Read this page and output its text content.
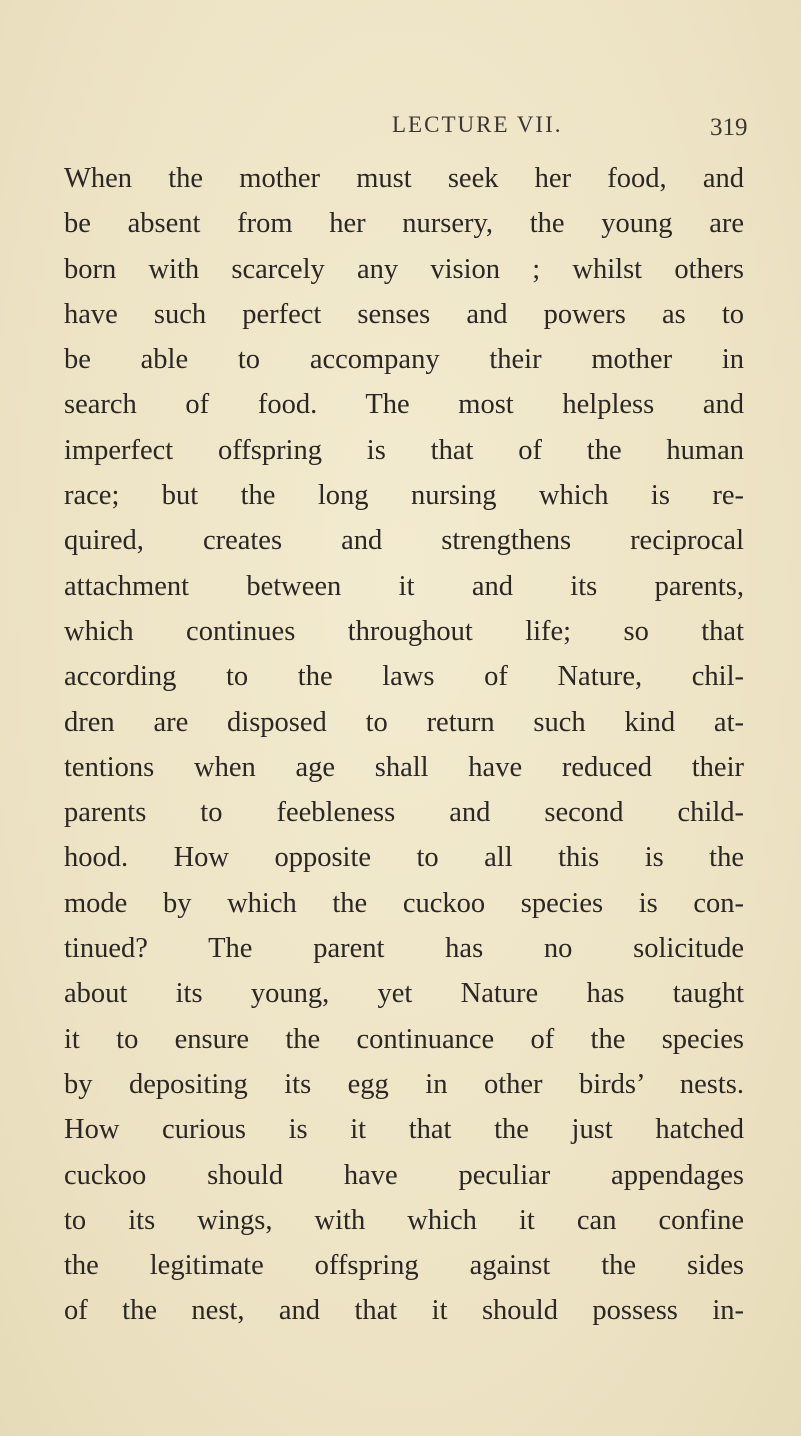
LECTURE VII.	319
When the mother must seek her food, and
be absent from her nursery, the young are
born with scarcely any vision ; whilst others
have such perfect senses and powers as to
be able to accompany their mother in
search of food. The most helpless and
imperfect offspring is that of the human
race; but the long nursing which is re-
quired, creates and strengthens reciprocal
attachment between it and its parents,
which continues throughout life; so that
according to the laws of Nature, chil-
dren are disposed to return such kind at-
tentions when age shall have reduced their
parents to feebleness and second child-
hood. How opposite to all this is the
mode by which the cuckoo species is con-
tinued? The parent has no solicitude
about its young, yet Nature has taught
it to ensure the continuance of the species
by depositing its egg in other birds’ nests.
How curious is it that the just hatched
cuckoo should have peculiar appendages
to its wings, with which it can confine
the legitimate offspring against the sides
of the nest, and that it should possess in-
